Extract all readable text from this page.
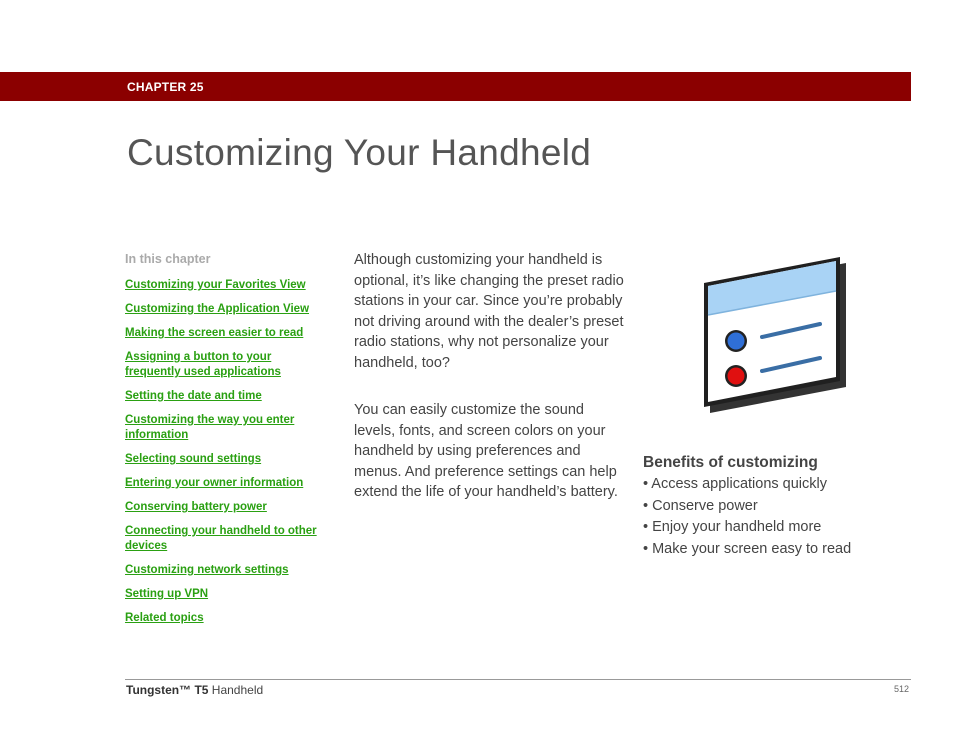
CHAPTER 25
Customizing Your Handheld
In this chapter
Customizing your Favorites View
Customizing the Application View
Making the screen easier to read
Assigning a button to your frequently used applications
Setting the date and time
Customizing the way you enter information
Selecting sound settings
Entering your owner information
Conserving battery power
Connecting your handheld to other devices
Customizing network settings
Setting up VPN
Related topics

Although customizing your handheld is optional, it’s like changing the preset radio stations in your car. Since you’re probably not driving around with the dealer’s preset radio stations, why not personalize your handheld, too?

You can easily customize the sound levels, fonts, and screen colors on your handheld by using preferences and menus. And preference settings can help extend the life of your handheld’s battery.

Benefits of customizing
• Access applications quickly
• Conserve power
• Enjoy your handheld more
• Make your screen easy to read
Tungsten™ T5 Handheld	512
